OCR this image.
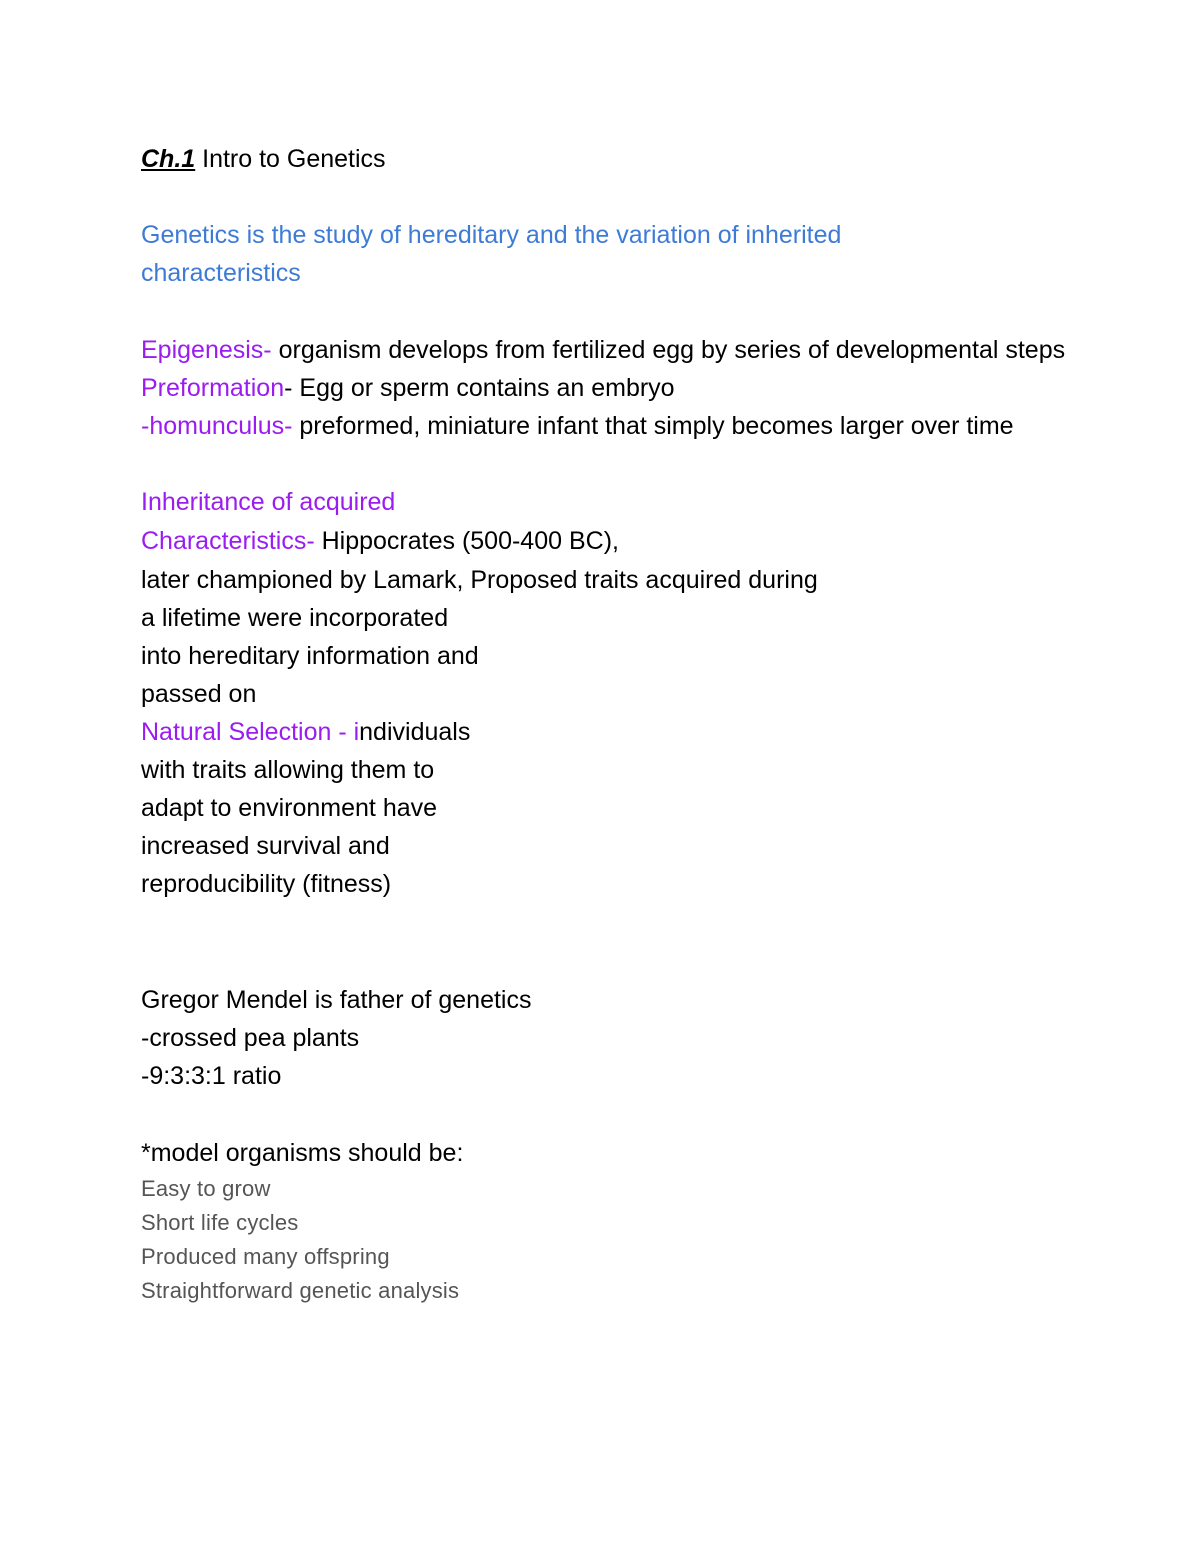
Ch.1 Intro to Genetics
Genetics is the study of hereditary and the variation of inherited
characteristics
Epigenesis- organism develops from fertilized egg by series of developmental steps
Preformation- Egg or sperm contains an embryo
-homunculus- preformed, miniature infant that simply becomes larger over time
Inheritance of acquired
Characteristics- Hippocrates (500-400 BC),
later championed by Lamark, Proposed traits acquired during
a lifetime were incorporated
into hereditary information and
passed on
Natural Selection - individuals
with traits allowing them to
adapt to environment have
increased survival and
reproducibility (fitness)
Gregor Mendel is father of genetics
-crossed pea plants
-9:3:3:1 ratio
*model organisms should be:
Easy to grow
Short life cycles
Produced many offspring
Straightforward genetic analysis
